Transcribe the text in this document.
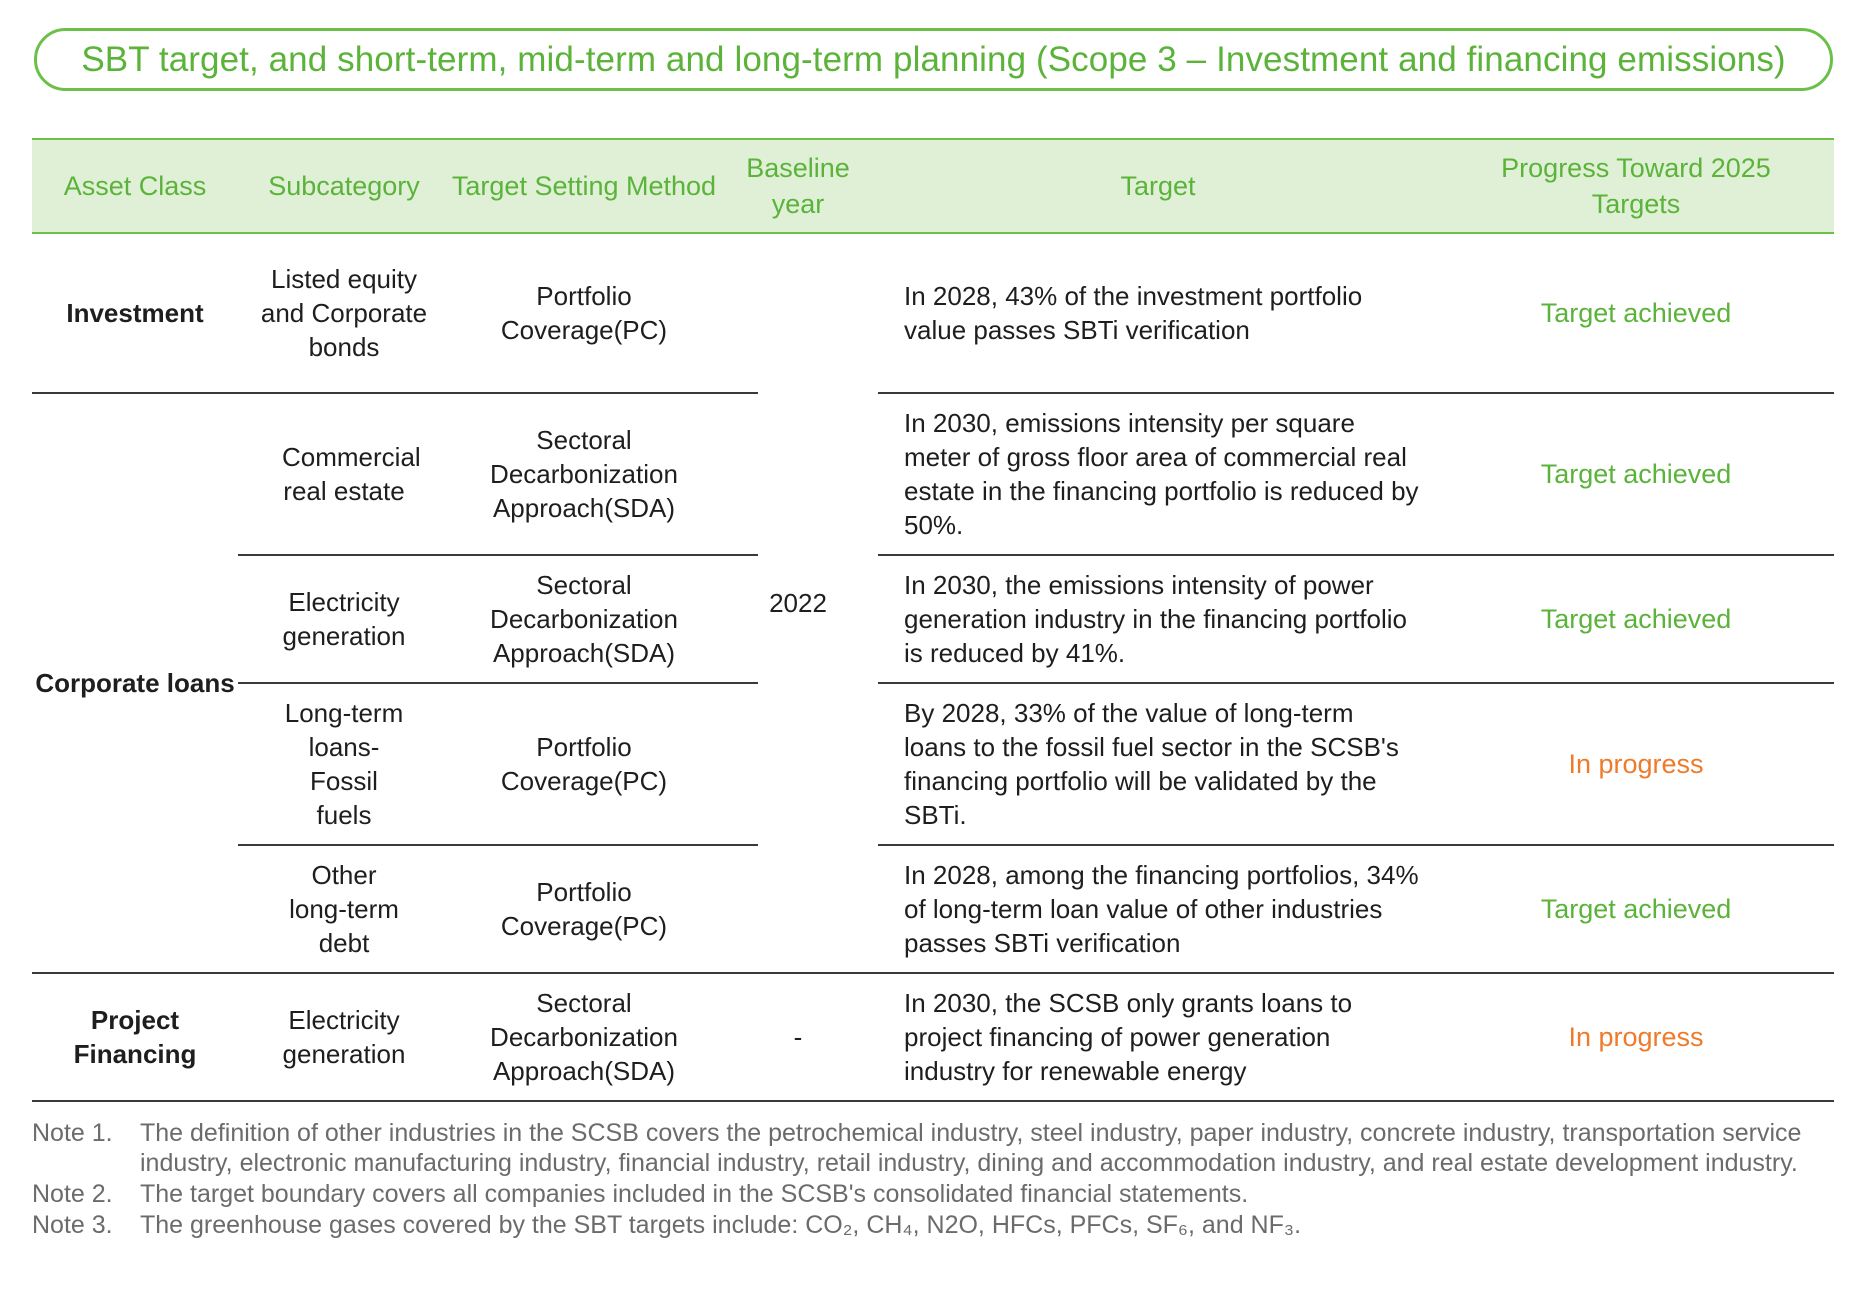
SBT target, and short-term, mid-term and long-term planning (Scope 3 – Investment and financing emissions)
Asset Class	Subcategory	Target Setting Method	Baseline year			Target	Progress Toward 2025 Targets
Investment	Listed equity and Corporate bonds	Portfolio Coverage(PC)		2022		In 2028, 43% of the investment portfolio value passes SBTi verification	Target achieved
Corporate loans	Commercial real estate	Sectoral Decarbonization Approach(SDA)				In 2030, emissions intensity per square meter of gross floor area of commercial real estate in the financing portfolio is reduced by 50%.	Target achieved
	Electricity generation	Sectoral Decarbonization Approach(SDA)				In 2030, the emissions intensity of power generation industry in the financing portfolio is reduced by 41%.	Target achieved
	Long-term loans-Fossil fuels	Portfolio Coverage(PC)				By 2028, 33% of the value of long-term loans to the fossil fuel sector in the SCSB's financing portfolio will be validated by the SBTi.	In progress
	Other long-term debt	Portfolio Coverage(PC)				In 2028, among the financing portfolios, 34% of long-term loan value of other industries passes SBTi verification	Target achieved
Project Financing	Electricity generation	Sectoral Decarbonization Approach(SDA)	-			In 2030, the SCSB only grants loans to project financing of power generation industry for renewable energy	In progress
Note 1.	The definition of other industries in the SCSB covers the petrochemical industry, steel industry, paper industry, concrete industry, transportation service industry, electronic manufacturing industry, financial industry, retail industry, dining and accommodation industry, and real estate development industry.
Note 2.	The target boundary covers all companies included in the SCSB's consolidated financial statements.
Note 3.	The greenhouse gases covered by the SBT targets include: CO₂, CH₄, N2O, HFCs, PFCs, SF₆, and NF₃.
